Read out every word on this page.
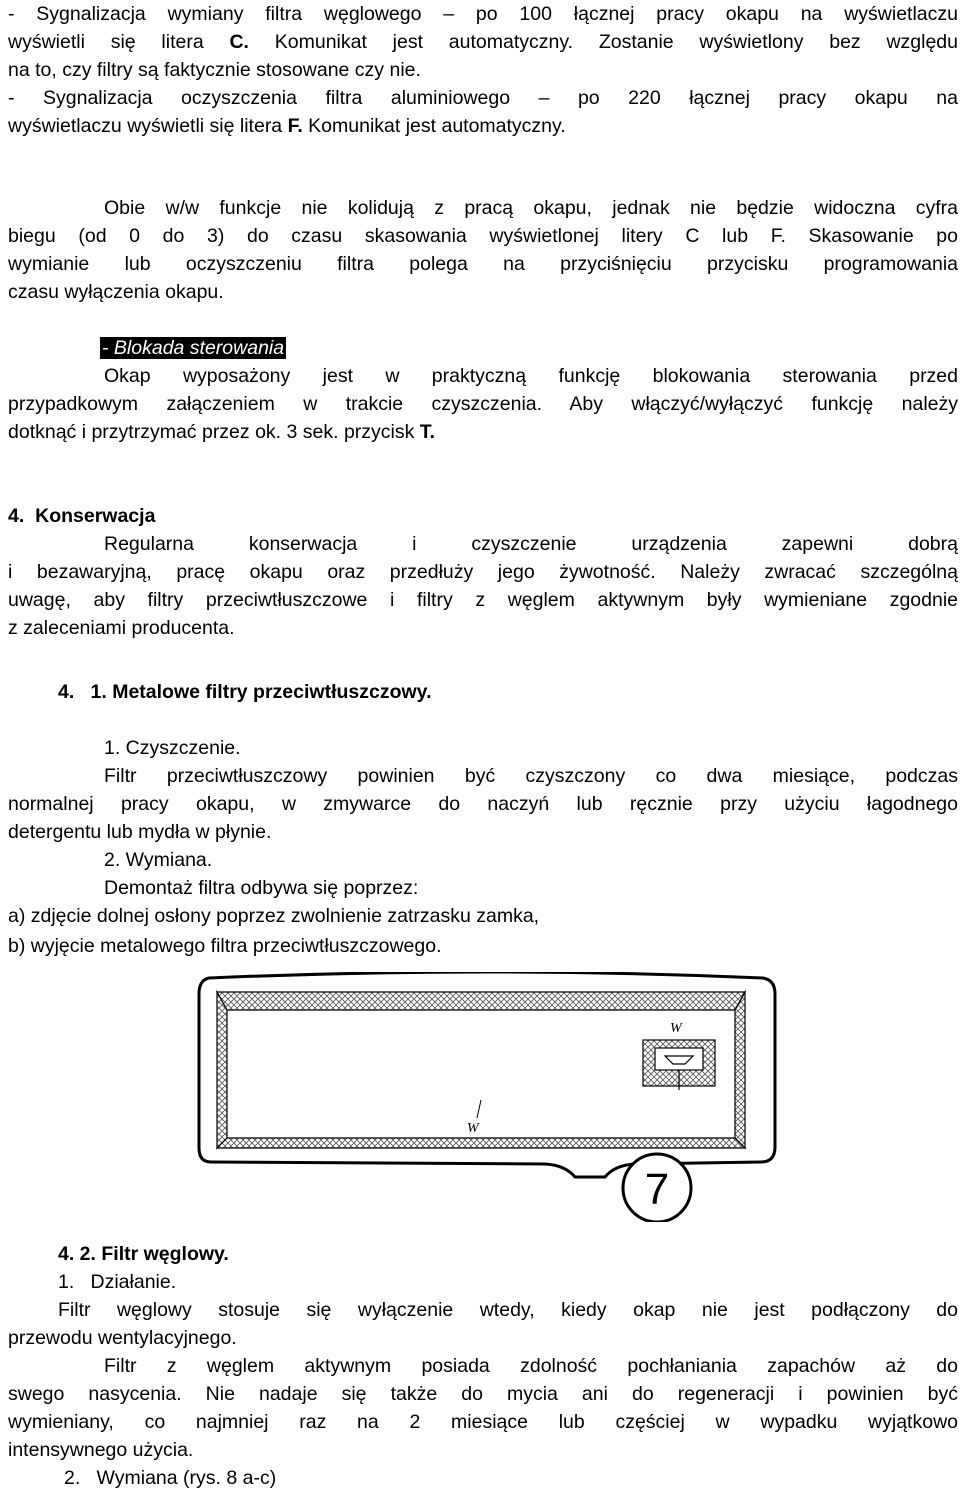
- Sygnalizacja wymiany filtra węglowego – po 100 łącznej pracy okapu na wyświetlaczu
wyświetli się litera C. Komunikat jest automatyczny. Zostanie wyświetlony bez względu
na to, czy filtry są faktycznie stosowane czy nie.
- Sygnalizacja oczyszczenia filtra aluminiowego – po 220 łącznej pracy okapu na
wyświetlaczu wyświetli się litera F. Komunikat jest automatyczny.
Obie w/w funkcje nie kolidują z pracą okapu, jednak nie będzie widoczna cyfra
biegu (od 0 do 3) do czasu skasowania wyświetlonej litery C lub F. Skasowanie po
wymianie lub oczyszczeniu filtra polega na przyciśnięciu przycisku programowania
czasu wyłączenia okapu.
- Blokada sterowania
Okap wyposażony jest w praktyczną funkcję blokowania sterowania przed
przypadkowym załączeniem w trakcie czyszczenia. Aby włączyć/wyłączyć funkcję należy
dotknąć i przytrzymać przez ok. 3 sek. przycisk T.
4. Konserwacja
Regularna konserwacja i czyszczenie urządzenia zapewni dobrą
i bezawaryjną, pracę okapu oraz przedłuży jego żywotność. Należy zwracać szczególną
uwagę, aby filtry przeciwtłuszczowe i filtry z węglem aktywnym były wymieniane zgodnie
z zaleceniami producenta.
4.   1. Metalowe filtry przeciwtłuszczowy.
1. Czyszczenie.
Filtr przeciwtłuszczowy powinien być czyszczony co dwa miesiące, podczas
normalnej pracy okapu, w zmywarce do naczyń lub ręcznie przy użyciu łagodnego
detergentu lub mydła w płynie.
2. Wymiana.
Demontaż filtra odbywa się poprzez:
a) zdjęcie dolnej osłony poprzez zwolnienie zatrzasku zamka,
b) wyjęcie metalowego filtra przeciwtłuszczowego.
W
W
7
4. 2. Filtr węglowy.
1.   Działanie.
Filtr węglowy stosuje się wyłączenie wtedy, kiedy okap nie jest podłączony do
przewodu wentylacyjnego.
Filtr z węglem aktywnym posiada zdolność pochłaniania zapachów aż do
swego nasycenia. Nie nadaje się także do mycia ani do regeneracji i powinien być
wymieniany, co najmniej raz na 2 miesiące lub częściej w wypadku wyjątkowo
intensywnego użycia.
2.   Wymiana (rys. 8 a-c)
